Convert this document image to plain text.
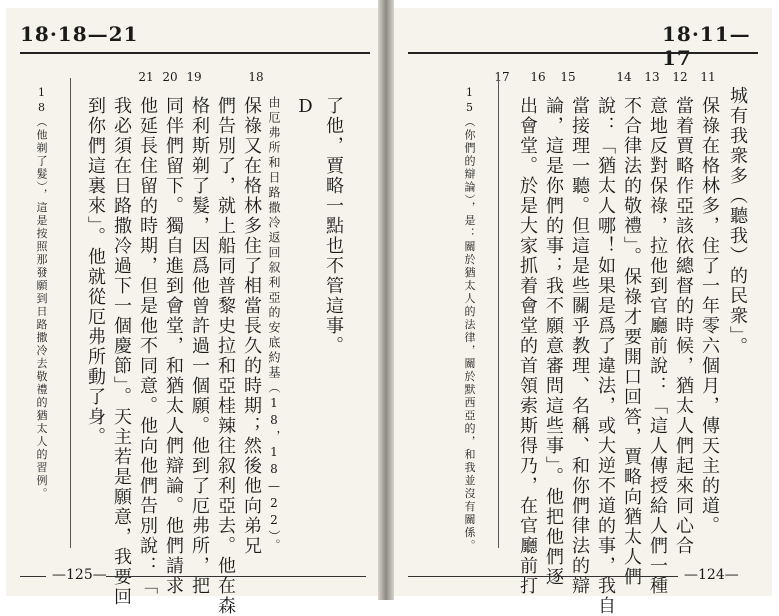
18·18—21
21 20 19	18
了他，賈略一點也不管這事。
D
由厄弗所和日路撒冷返回叙利亞的安底約基（18，18—22）。
保祿又在格林多住了相當長久的時期；然後他向弟兄
們告別了，就上船同普黎史拉和亞桂辣往叙利亞去。他在森
格利斯剃了髮，因爲他曾許過一個願。他到了厄弗所，把
同伴們留下。獨自進到會堂，和猶太人們辯論。他們請求
他延長住留的時期，但是他不同意。他向他們告別說：「
我必須在日路撒冷過下一個慶節」。天主若是願意，我要回
到你們這裏來」。他就從厄弗所動了身。
18（他剃了髮），這是按照那發願到日路撒冷去敬禮的猶太人的習例。
—125—
18·11—17
17	16	15	14	13	12	11
城有我衆多（聽我）的民衆」。
保祿在格林多，住了一年零六個月，傳天主的道。
當着賈略作亞該依總督的時候，猶太人們起來同心合
意地反對保祿，拉他到官廳前說：「這人傳授給人們一種
不合律法的敬禮」。保祿才要開口回答，賈略向猶太人們
說：「猶太人哪！如果是爲了違法，或大逆不道的事，我自
當接理一聽。但這是些關乎教理、名稱、和你們律法的辯
論，這是你們的事；我不願意審問這些事」。他把他們逐
出會堂。於是大家抓着會堂的首領索斯得乃，在官廳前打
15（你們的辯論），是：關於猶太人的法律，關於默西亞的，和我並沒有關係。
—124—
